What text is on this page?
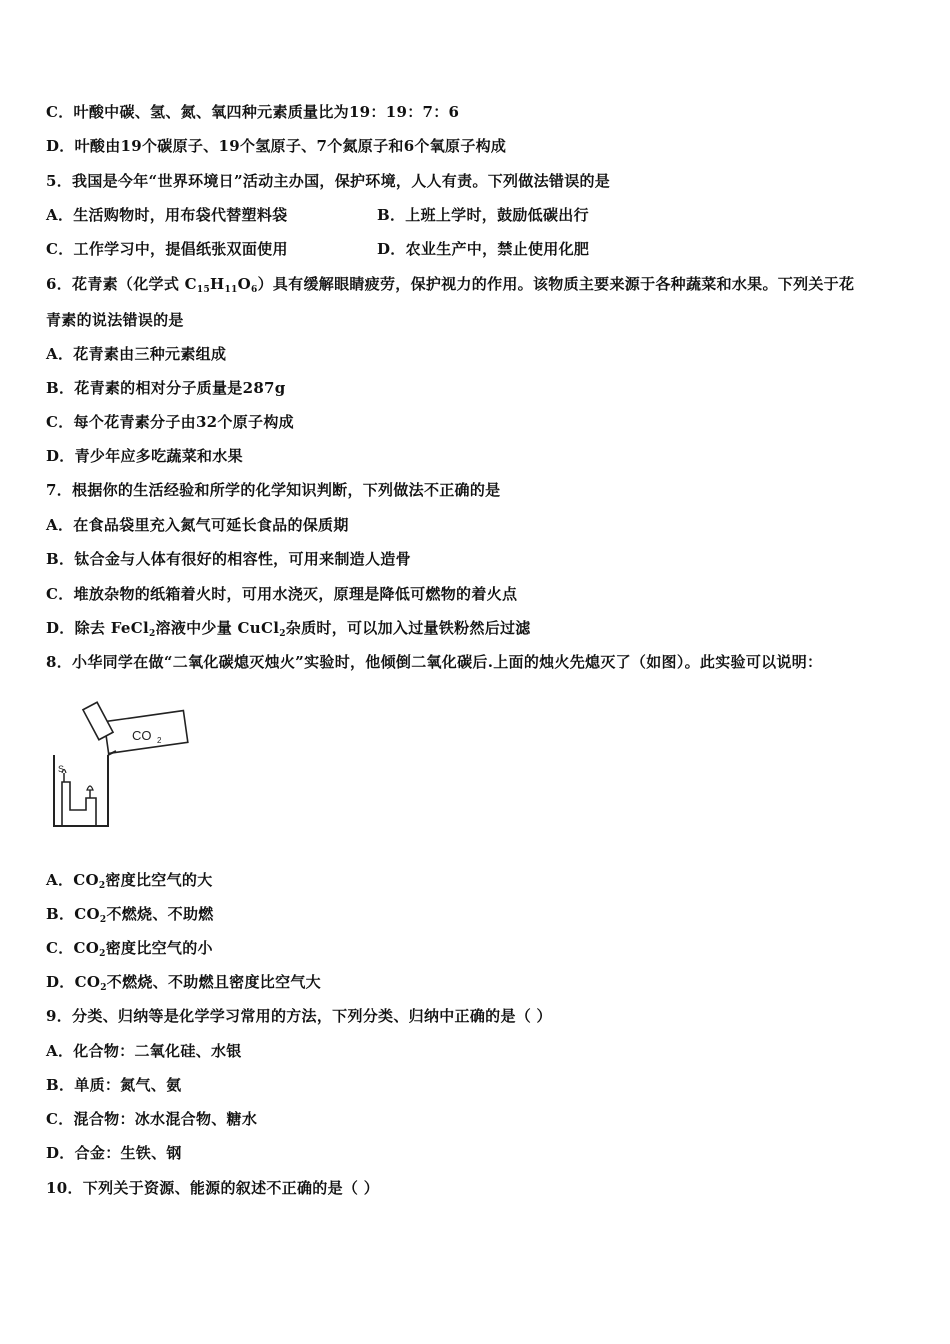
C．叶酸中碳、氢、氮、氧四种元素质量比为19：19：7：6
D．叶酸由19个碳原子、19个氢原子、7个氮原子和6个氧原子构成
5．我国是今年“世界环境日”活动主办国，保护环境，人人有责。下列做法错误的是
A．生活购物时，用布袋代替塑料袋	B．上班上学时，鼓励低碳出行
C．工作学习中，提倡纸张双面使用	D．农业生产中，禁止使用化肥
6．花青素（化学式 $C_{15}H_{11}O_6$）具有缓解眼睛疲劳，保护视力的作用。该物质主要来源于各种蔬菜和水果。下列关于花
青素的说法错误的是
A．花青素由三种元素组成
B．花青素的相对分子质量是287g
C．每个花青素分子由32个原子构成
D．青少年应多吃蔬菜和水果
7．根据你的生活经验和所学的化学知识判断，下列做法不正确的是
A．在食品袋里充入氮气可延长食品的保质期
B．钛合金与人体有很好的相容性，可用来制造人造骨
C．堆放杂物的纸箱着火时，可用水浇灭，原理是降低可燃物的着火点
D．除去 FeCl$_2$溶液中少量 CuCl$_2$杂质时，可以加入过量铁粉然后过滤
8．小华同学在做“二氧化碳熄灭烛火”实验时，他倾倒二氧化碳后.上面的烛火先熄灭了（如图）。此实验可以说明：
CO 2
S
A．$CO_2$密度比空气的大
B．$CO_2$不燃烧、不助燃
C．$CO_2$密度比空气的小
D．$CO_2$不燃烧、不助燃且密度比空气大
9．分类、归纳等是化学学习常用的方法，下列分类、归纳中正确的是（ ）
A．化合物：二氧化硅、水银
B．单质：氮气、氨
C．混合物：冰水混合物、糖水
D．合金：生铁、钢
10．下列关于资源、能源的叙述不正确的是（ ）
